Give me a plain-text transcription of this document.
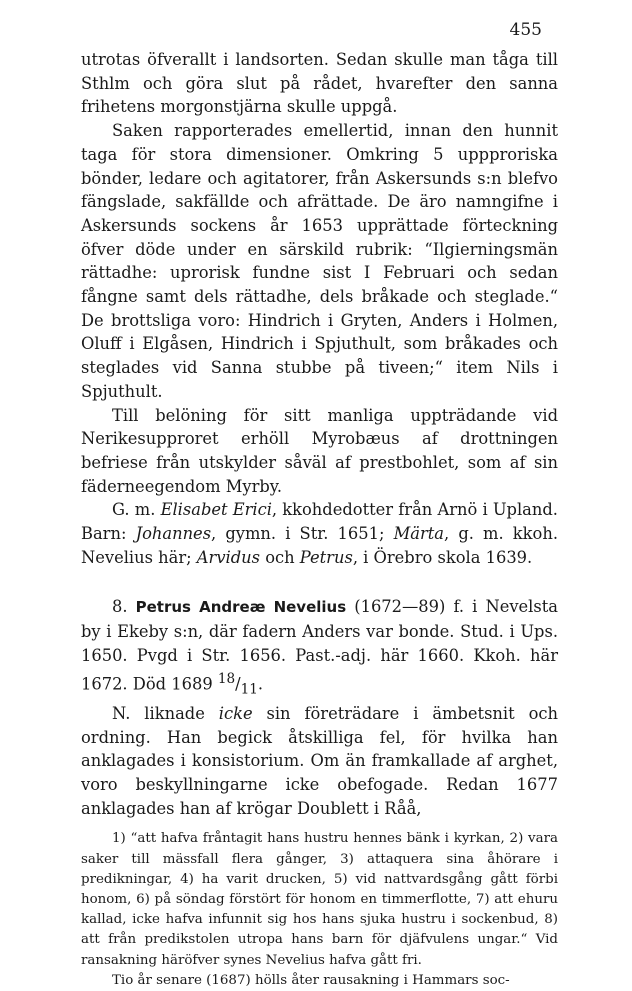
455

utrotas öfverallt i landsorten. Sedan skulle man tåga till Sthlm och göra slut på rådet, hvarefter den sanna frihetens morgonstjärna skulle uppgå.

Saken rapporterades emellertid, innan den hunnit taga för stora dimensioner. Omkring 5 uppproriska bönder, ledare och agitatorer, från Askersunds s:n blefvo fängslade, sakfällde och afrättade. De äro namngifne i Askersunds sockens år 1653 upprättade förteckning öfver döde under en särskild rubrik: “Ilgierningsmän rättadhe: uprorisk fundne sist I Februari och sedan fångne samt dels rättadhe, dels bråkade och steglade.“ De brottsliga voro: Hindrich i Gryten, Anders i Holmen, Oluff i Elgåsen, Hindrich i Spjuthult, som bråkades och steglades vid Sanna stubbe på tiveen;“ item Nils i Spjuthult.

Till belöning för sitt manliga uppträdande vid Nerikesupproret erhöll Myrobæus af drottningen befriese från utskylder såväl af prestbohlet, som af sin fäderneegendom Myrby.

G. m. Elisabet Erici, kkohdedotter från Arnö i Upland. Barn: Johannes, gymn. i Str. 1651; Märta, g. m. kkoh. Nevelius här; Arvidus och Petrus, i Örebro skola 1639.

8. Petrus Andreæ Nevelius (1672—89) f. i Nevelsta by i Ekeby s:n, där fadern Anders var bonde. Stud. i Ups. 1650. Pvgd i Str. 1656. Past.-adj. här 1660. Kkoh. här 1672. Död 1689 $^{18}/_{11}$.

N. liknade icke sin företrädare i ämbetsnit och ordning. Han begick åtskilliga fel, för hvilka han anklagades i konsistorium. Om än framkallade af arghet, voro beskyllningarne icke obefogade. Redan 1677 anklagades han af krögar Doublett i Råå,

1) “att hafva fråntagit hans hustru hennes bänk i kyrkan, 2) vara saker till mässfall flera gånger, 3) attaquera sina åhörare i predikningar, 4) ha varit drucken, 5) vid nattvardsgång gått förbi honom, 6) på söndag förstört för honom en timmerflotte, 7) att ehuru kallad, icke hafva infunnit sig hos hans sjuka hustru i sockenbud, 8) att från predikstolen utropa hans barn för djäfvulens ungar.“ Vid ransakning häröfver synes Nevelius hafva gått fri.

Tio år senare (1687) hölls åter rausakning i Hammars soc-
